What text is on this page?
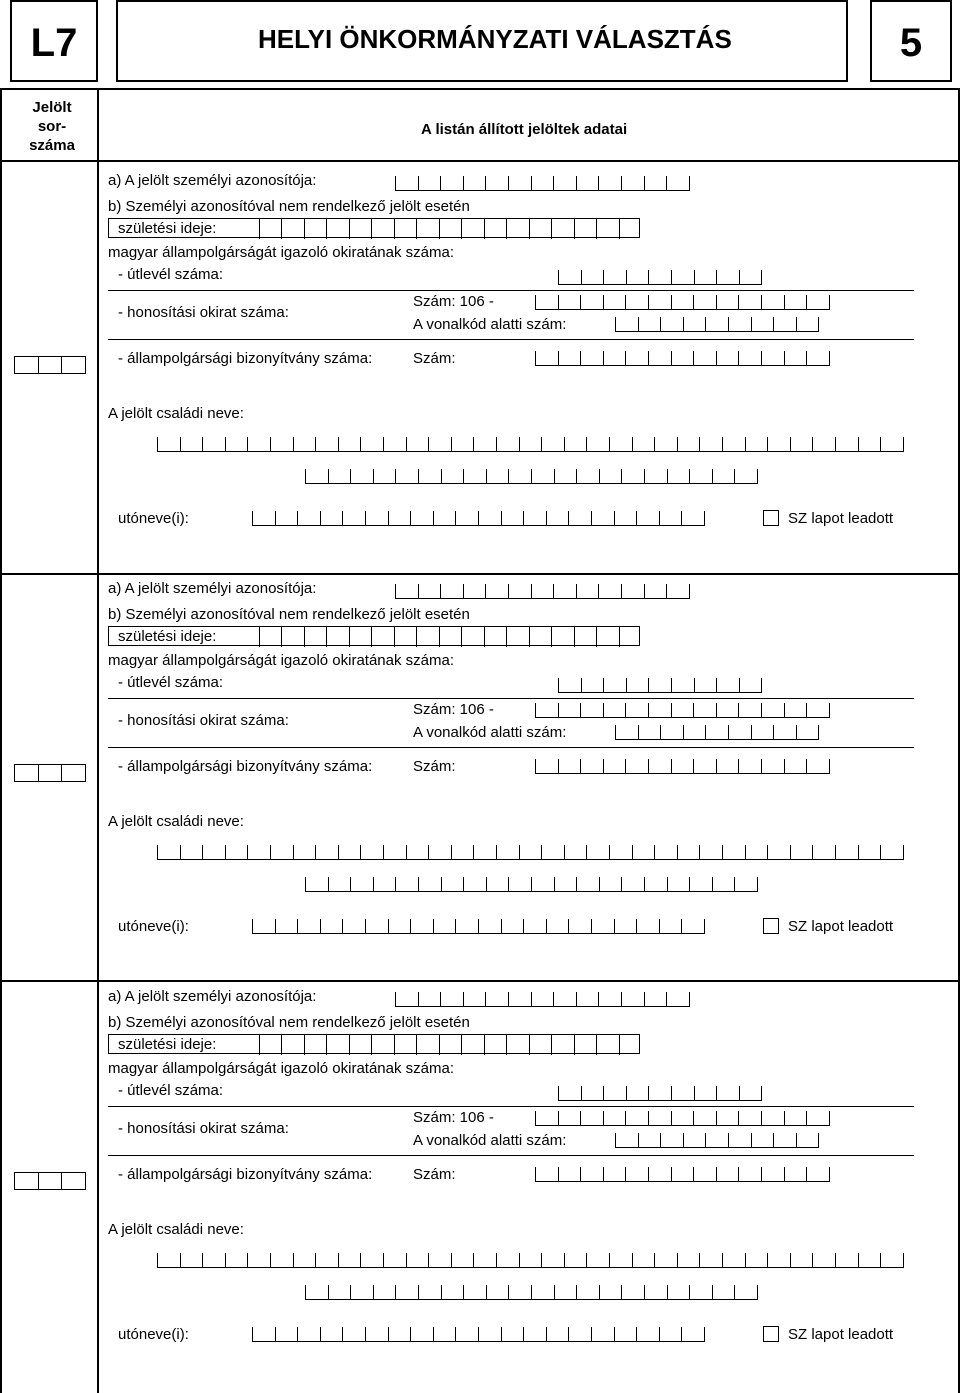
L7	HELYI ÖNKORMÁNYZATI VÁLASZTÁS	5
Jelölt
sor-
száma
A listán állított jelöltek adatai
a) A jelölt személyi azonosítója:
b) Személyi azonosítóval nem rendelkező jelölt esetén
születési ideje:
magyar állampolgárságát igazoló okiratának száma:
- útlevél száma:
- honosítási okirat száma:
Szám: 106 -
A vonalkód alatti szám:
- állampolgársági bizonyítvány száma:	Szám:
A jelölt családi neve:
utóneve(i):	SZ lapot leadott
a) A jelölt személyi azonosítója:
b) Személyi azonosítóval nem rendelkező jelölt esetén
születési ideje:
magyar állampolgárságát igazoló okiratának száma:
- útlevél száma:
- honosítási okirat száma:
Szám: 106 -
A vonalkód alatti szám:
- állampolgársági bizonyítvány száma:	Szám:
A jelölt családi neve:
utóneve(i):	SZ lapot leadott
a) A jelölt személyi azonosítója:
b) Személyi azonosítóval nem rendelkező jelölt esetén
születési ideje:
magyar állampolgárságát igazoló okiratának száma:
- útlevél száma:
- honosítási okirat száma:
Szám: 106 -
A vonalkód alatti szám:
- állampolgársági bizonyítvány száma:	Szám:
A jelölt családi neve:
utóneve(i):	SZ lapot leadott
